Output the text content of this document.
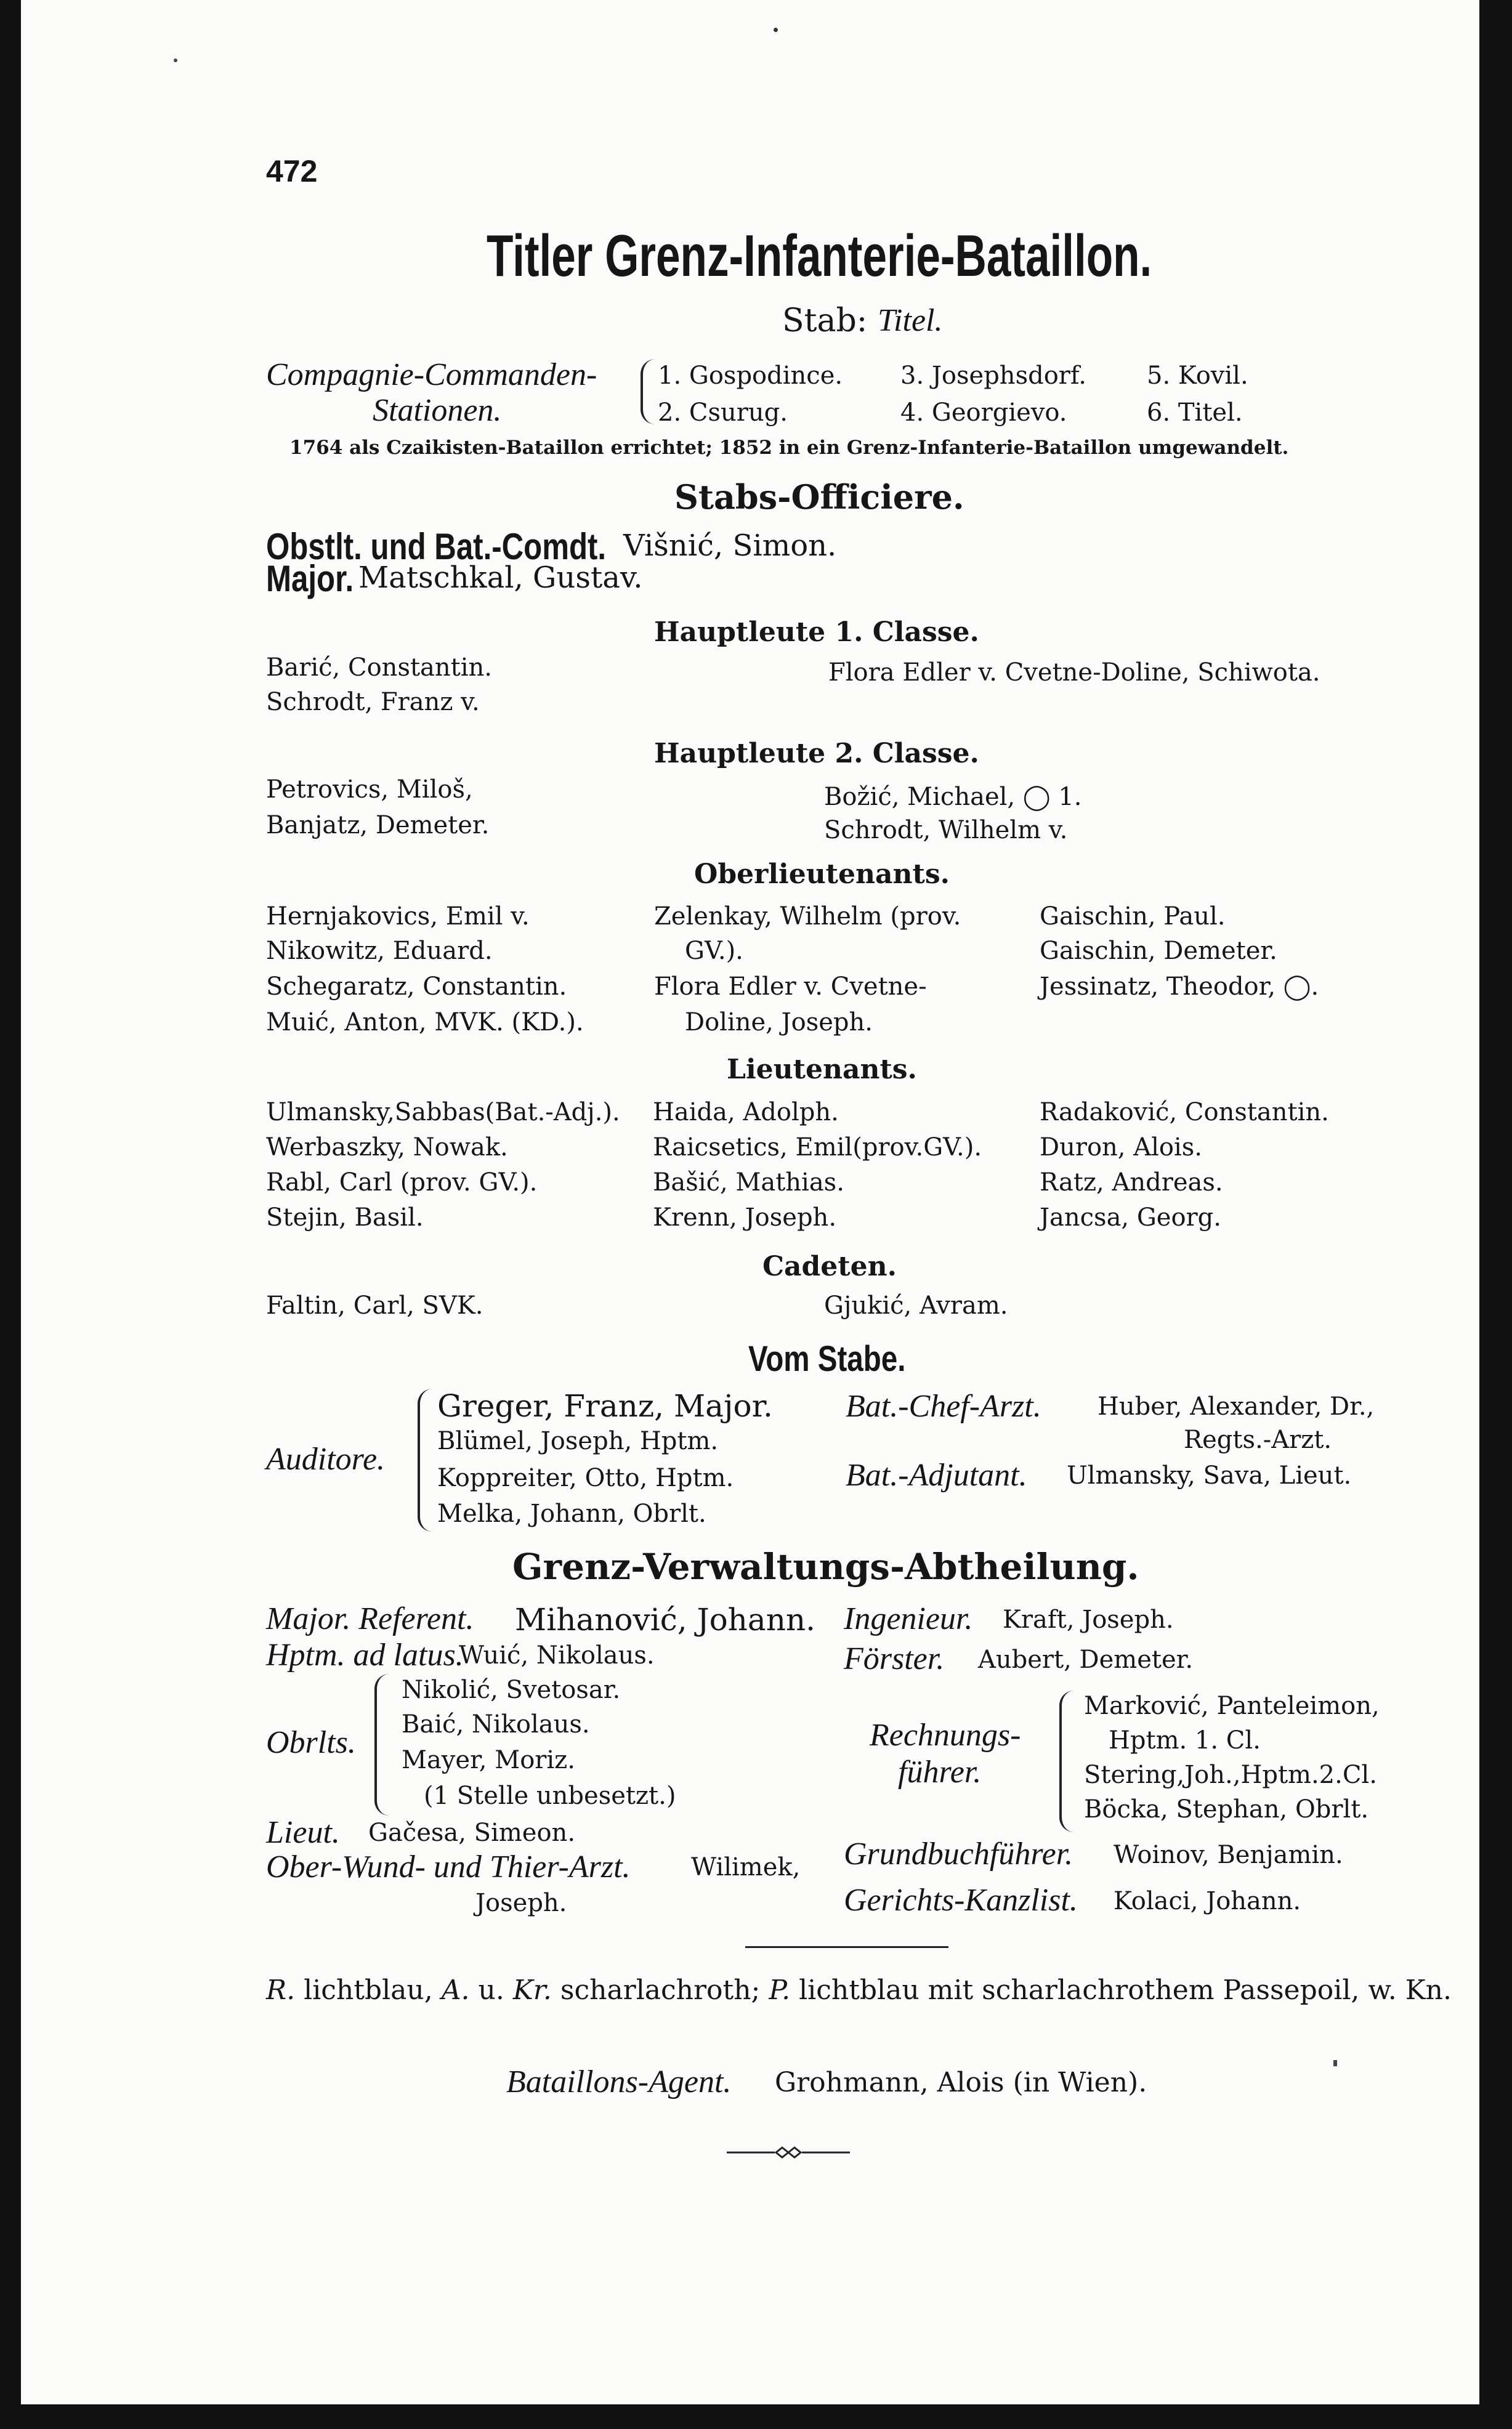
472
Titler Grenz-Infanterie-Bataillon.
Stab: Titel.
Compagnie-Commanden-
Stationen.
1. Gospodince.
2. Csurug.
3. Josephsdorf.
4. Georgievo.
5. Kovil.
6. Titel.
1764 als Czaikisten-Bataillon errichtet; 1852 in ein Grenz-Infanterie-Bataillon umgewandelt.
Stabs-Officiere.
Obstlt. und Bat.-Comdt. Višnić, Simon.
Major. Matschkal, Gustav.
Hauptleute 1. Classe.
Barić, Constantin.
Schrodt, Franz v.
Flora Edler v. Cvetne-Doline, Schiwota.
Hauptleute 2. Classe.
Petrovics, Miloš,
Banjatz, Demeter.
Božić, Michael, ◯ 1.
Schrodt, Wilhelm v.
Oberlieutenants.
Hernjakovics, Emil v.
Nikowitz, Eduard.
Schegaratz, Constantin.
Muić, Anton, MVK. (KD.).
Zelenkay, Wilhelm (prov.
GV.).
Flora Edler v. Cvetne-
Doline, Joseph.
Gaischin, Paul.
Gaischin, Demeter.
Jessinatz, Theodor, ◯.
Lieutenants.
Ulmansky,Sabbas(Bat.-Adj.).
Werbaszky, Nowak.
Rabl, Carl (prov. GV.).
Stejin, Basil.
Haida, Adolph.
Raicsetics, Emil(prov.GV.).
Bašić, Mathias.
Krenn, Joseph.
Radaković, Constantin.
Duron, Alois.
Ratz, Andreas.
Jancsa, Georg.
Cadeten.
Faltin, Carl, SVK.	Gjukić, Avram.
Vom Stabe.
Auditore.
Greger, Franz, Major.
Blümel, Joseph, Hptm.
Koppreiter, Otto, Hptm.
Melka, Johann, Obrlt.
Bat.-Chef-Arzt. Huber, Alexander, Dr.,
Regts.-Arzt.
Bat.-Adjutant. Ulmansky, Sava, Lieut.
Grenz-Verwaltungs-Abtheilung.
Major. Referent. Mihanović, Johann.
Hptm. ad latus.
Wuić, Nikolaus.
Obrlts.
Nikolić, Svetosar.
Baić, Nikolaus.
Mayer, Moriz.
(1 Stelle unbesetzt.)
Lieut. Gačesa, Simeon.
Ober-Wund- und Thier-Arzt. Wilimek,
Joseph.
Ingenieur. Kraft, Joseph.
Förster. Aubert, Demeter.
Rechnungs-
führer.
Marković, Panteleimon,
Hptm. 1. Cl.
Stering,Joh.,Hptm.2.Cl.
Böcka, Stephan, Obrlt.
Grundbuchführer. Woinov, Benjamin.
Gerichts-Kanzlist. Kolaci, Johann.
R. lichtblau, A. u. Kr. scharlachroth; P. lichtblau mit scharlachrothem Passepoil, w. Kn.
Bataillons-Agent. Grohmann, Alois (in Wien).
